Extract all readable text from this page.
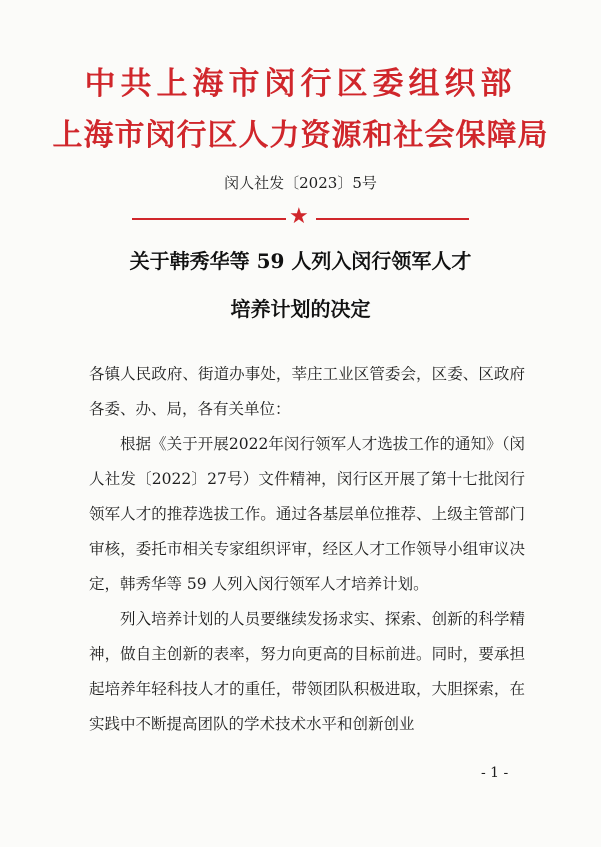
中共上海市闵行区委组织部
上海市闵行区人力资源和社会保障局
闵人社发〔2023〕5号
★
关于韩秀华等 59 人列入闵行领军人才
培养计划的决定

各镇人民政府、街道办事处，莘庄工业区管委会，区委、区政府各委、办、局，各有关单位：

根据《关于开展2022年闵行领军人才选拔工作的通知》（闵人社发〔2022〕27号）文件精神，闵行区开展了第十七批闵行领军人才的推荐选拔工作。通过各基层单位推荐、上级主管部门审核，委托市相关专家组织评审，经区人才工作领导小组审议决定，韩秀华等 59 人列入闵行领军人才培养计划。

列入培养计划的人员要继续发扬求实、探索、创新的科学精神，做自主创新的表率，努力向更高的目标前进。同时，要承担起培养年轻科技人才的重任，带领团队积极进取，大胆探索，在实践中不断提高团队的学术技术水平和创新创业

- 1 -
